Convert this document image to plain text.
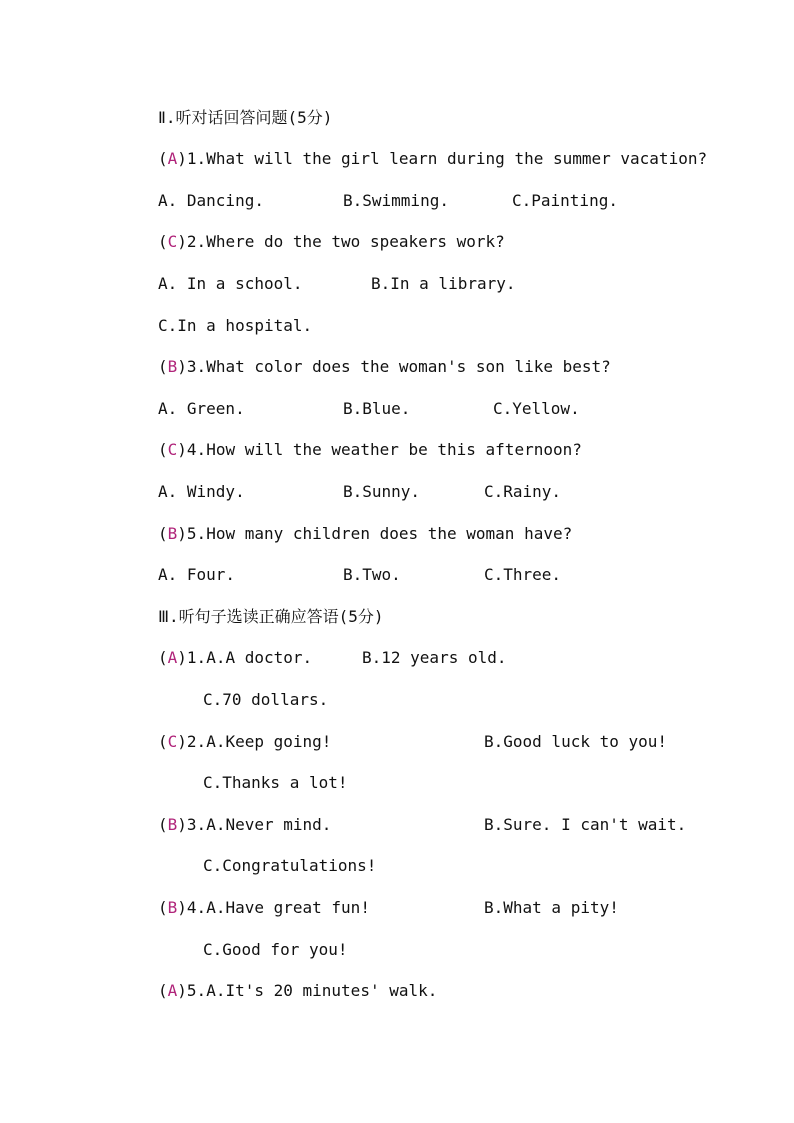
Ⅱ.听对话回答问题(5分)
(A)1.What will the girl learn during the summer vacation?
A. Dancing.	B.Swimming.	C.Painting.
(C)2.Where do the two speakers work?
A. In a school.	B.In a library.
C.In a hospital.
(B)3.What color does the woman's son like best?
A. Green.	B.Blue.	C.Yellow.
(C)4.How will the weather be this afternoon?
A. Windy.	B.Sunny.	C.Rainy.
(B)5.How many children does the woman have?
A. Four.	B.Two.	C.Three.
Ⅲ.听句子选读正确应答语(5分)
(A)1.A.A doctor.	B.12 years old.
C.70 dollars.
(C)2.A.Keep going!	B.Good luck to you!
C.Thanks a lot!
(B)3.A.Never mind.	B.Sure. I can't wait.
C.Congratulations!
(B)4.A.Have great fun!	B.What a pity!
C.Good for you!
(A)5.A.It's 20 minutes' walk.
